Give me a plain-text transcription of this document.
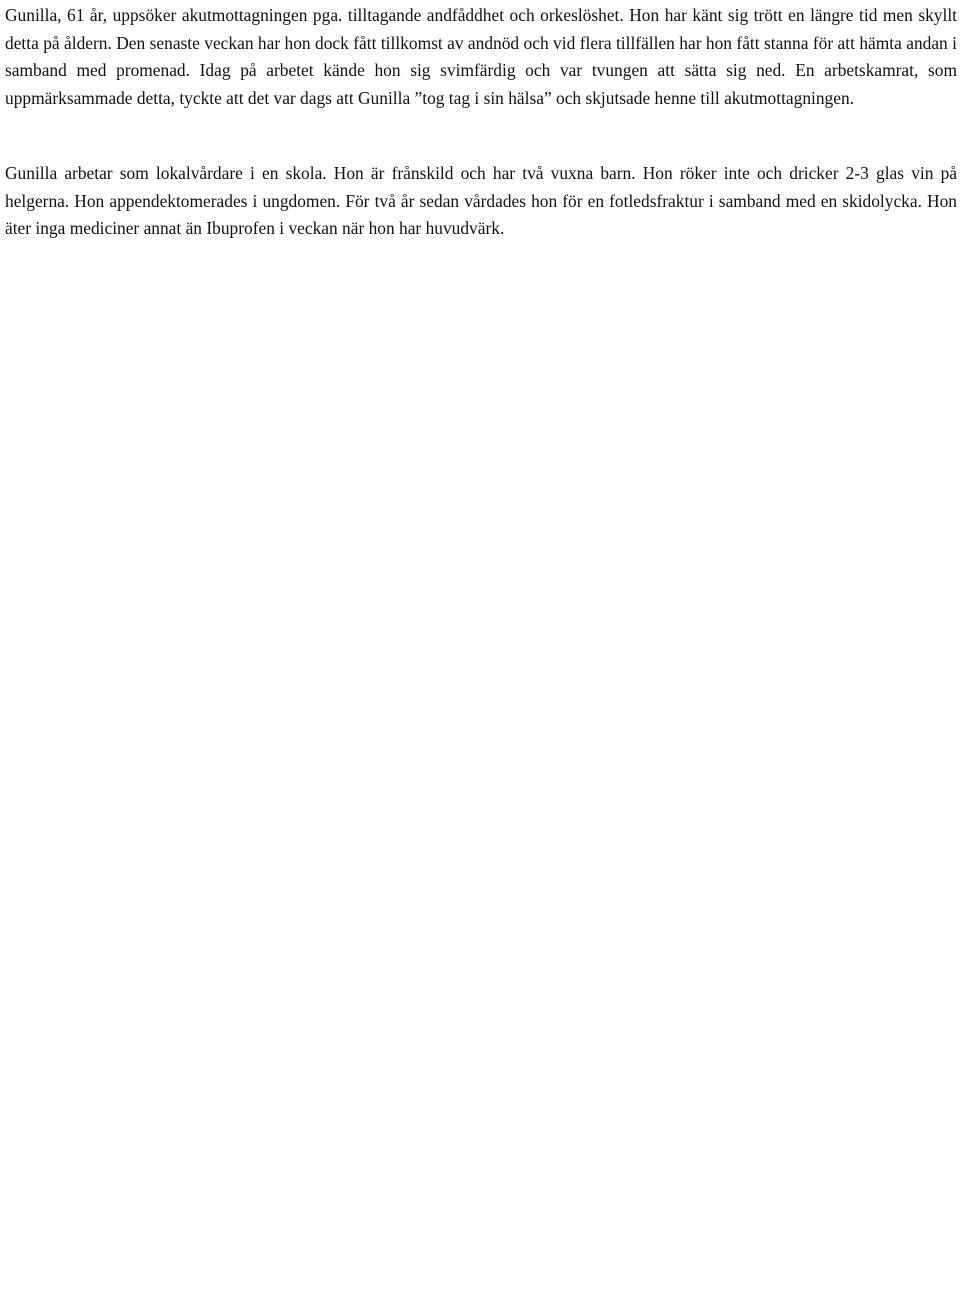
Gunilla, 61 år, uppsöker akutmottagningen pga. tilltagande andfåddhet och orkeslöshet. Hon har känt sig trött en längre tid men skyllt detta på åldern. Den senaste veckan har hon dock fått tillkomst av andnöd och vid flera tillfällen har hon fått stanna för att hämta andan i samband med promenad. Idag på arbetet kände hon sig svimfärdig och var tvungen att sätta sig ned. En arbetskamrat, som uppmärksammade detta, tyckte att det var dags att Gunilla ”tog tag i sin hälsa” och skjutsade henne till akutmottagningen.

Gunilla arbetar som lokalvårdare i en skola. Hon är frånskild och har två vuxna barn. Hon röker inte och dricker 2-3 glas vin på helgerna. Hon appendektomerades i ungdomen. För två år sedan vårdades hon för en fotledsfraktur i samband med en skidolycka. Hon äter inga mediciner annat än Ibuprofen i veckan när hon har huvudvärk.
